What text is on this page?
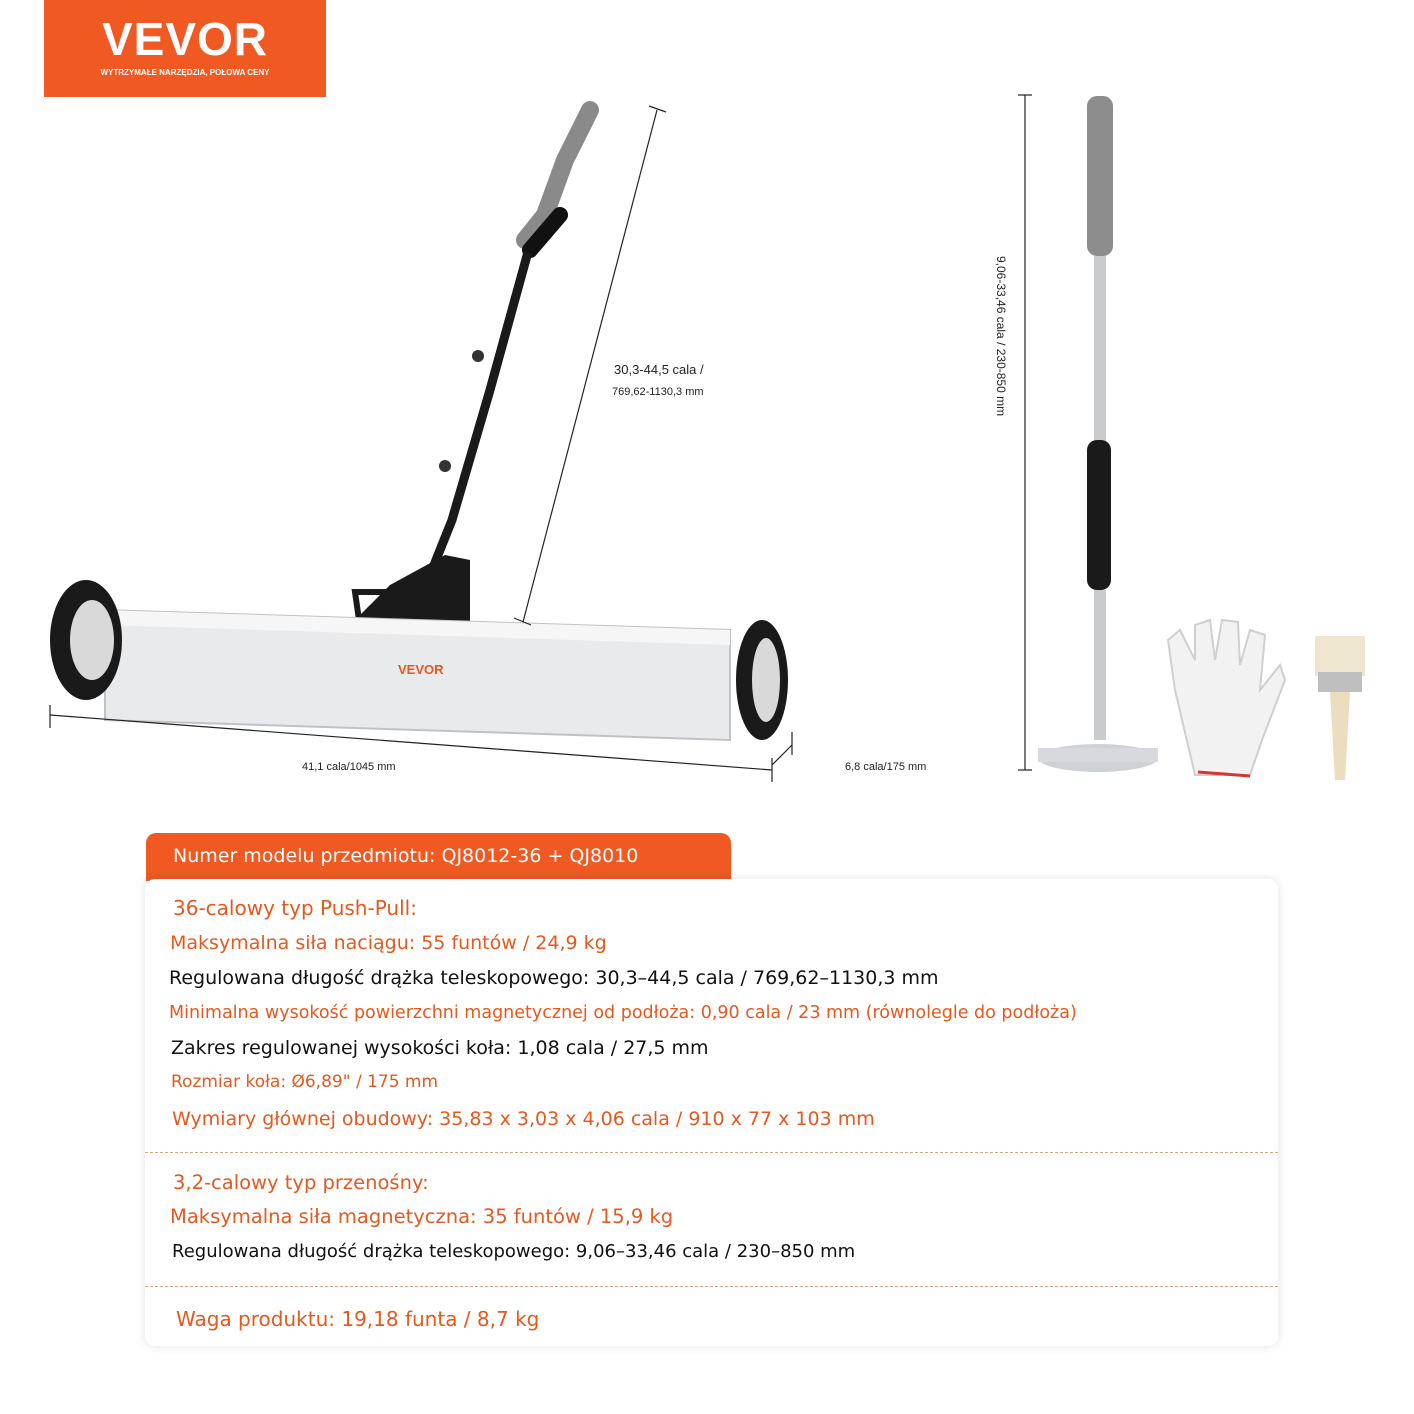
VEVOR
WYTRZYMAŁE NARZĘDZIA, POŁOWA CENY
VEVOR
30,3-44,5 cala /
769,62-1130,3 mm
41,1 cala/1045 mm	6,8 cala/175 mm
9,06-33,46 cala / 230-850 mm
Numer modelu przedmiotu: QJ8012-36 + QJ8010
36-calowy typ Push-Pull:
Maksymalna siła naciągu: 55 funtów / 24,9 kg
Regulowana długość drążka teleskopowego: 30,3–44,5 cala / 769,62–1130,3 mm
Minimalna wysokość powierzchni magnetycznej od podłoża: 0,90 cala / 23 mm (równolegle do podłoża)
Zakres regulowanej wysokości koła: 1,08 cala / 27,5 mm
Rozmiar koła: Ø6,89" / 175 mm
Wymiary głównej obudowy: 35,83 x 3,03 x 4,06 cala / 910 x 77 x 103 mm
3,2-calowy typ przenośny:
Maksymalna siła magnetyczna: 35 funtów / 15,9 kg
Regulowana długość drążka teleskopowego: 9,06–33,46 cala / 230–850 mm
Waga produktu: 19,18 funta / 8,7 kg
